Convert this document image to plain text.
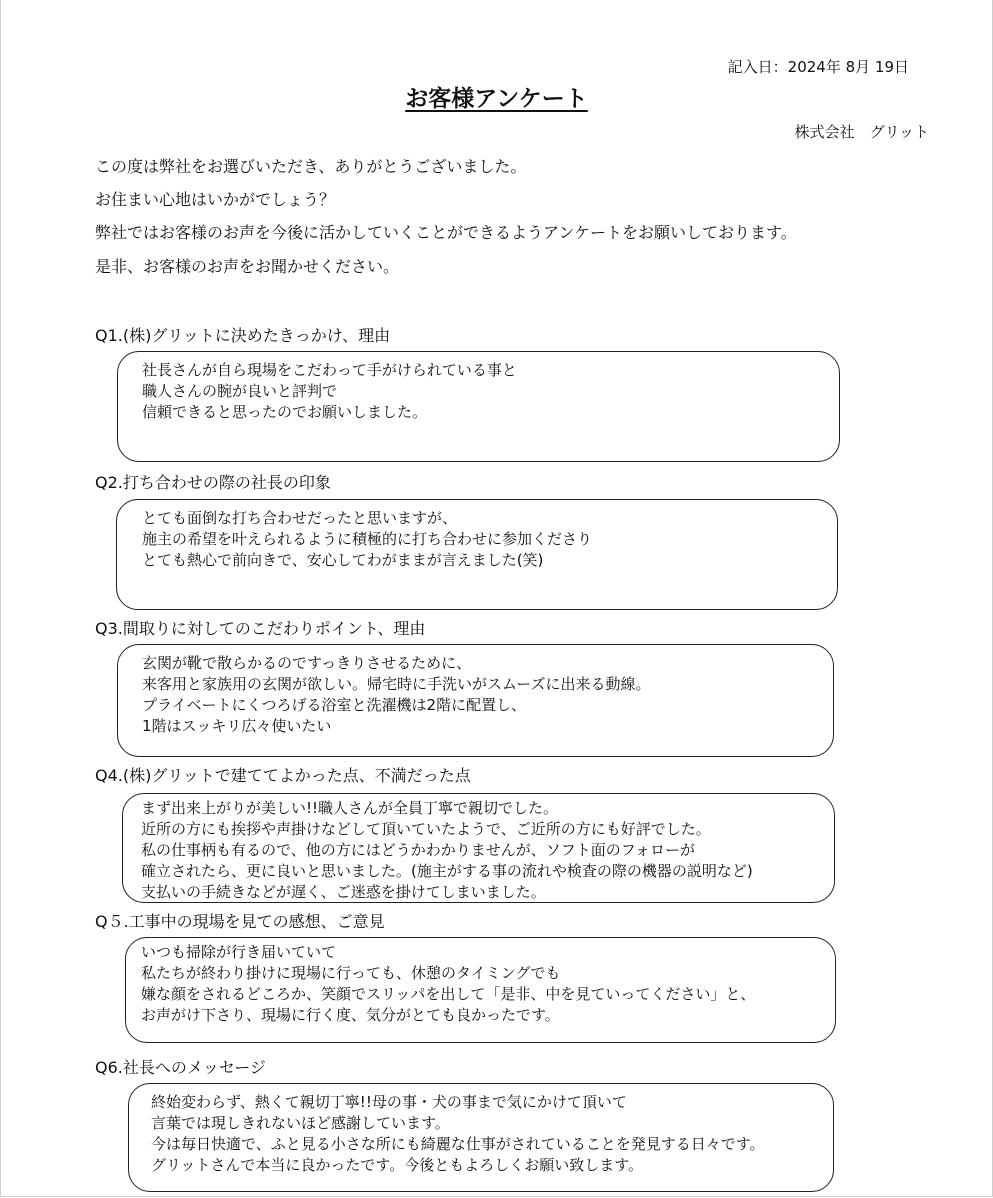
記入日：2024年 8月 19日
お客様アンケート
株式会社　グリット
この度は弊社をお選びいただき、ありがとうございました。
お住まい心地はいかがでしょう？
弊社ではお客様のお声を今後に活かしていくことができるようアンケートをお願いしております。
是非、お客様のお声をお聞かせください。
Q1.(株)グリットに決めたきっかけ、理由
社長さんが自ら現場をこだわって手がけられている事と
職人さんの腕が良いと評判で
信頼できると思ったのでお願いしました。
Q2.打ち合わせの際の社長の印象
とても面倒な打ち合わせだったと思いますが、
施主の希望を叶えられるように積極的に打ち合わせに参加くださり
とても熱心で前向きで、安心してわがままが言えました(笑)
Q3.間取りに対してのこだわりポイント、理由
玄関が靴で散らかるのですっきりさせるために、
来客用と家族用の玄関が欲しい。帰宅時に手洗いがスムーズに出来る動線。
プライベートにくつろげる浴室と洗濯機は2階に配置し、
1階はスッキリ広々使いたい
Q4.(株)グリットで建ててよかった点、不満だった点
まず出来上がりが美しい!!職人さんが全員丁寧で親切でした。
近所の方にも挨拶や声掛けなどして頂いていたようで、ご近所の方にも好評でした。
私の仕事柄も有るので、他の方にはどうかわかりませんが、ソフト面のフォローが
確立されたら、更に良いと思いました。(施主がする事の流れや検査の際の機器の説明など)
支払いの手続きなどが遅く、ご迷惑を掛けてしまいました。
Q５.工事中の現場を見ての感想、ご意見
いつも掃除が行き届いていて
私たちが終わり掛けに現場に行っても、休憩のタイミングでも
嫌な顔をされるどころか、笑顔でスリッパを出して「是非、中を見ていってください」と、
お声がけ下さり、現場に行く度、気分がとても良かったです。
Q6.社長へのメッセージ
終始変わらず、熱くて親切丁寧!!母の事・犬の事まで気にかけて頂いて
言葉では現しきれないほど感謝しています。
今は毎日快適で、ふと見る小さな所にも綺麗な仕事がされていることを発見する日々です。
グリットさんで本当に良かったです。今後ともよろしくお願い致します。
